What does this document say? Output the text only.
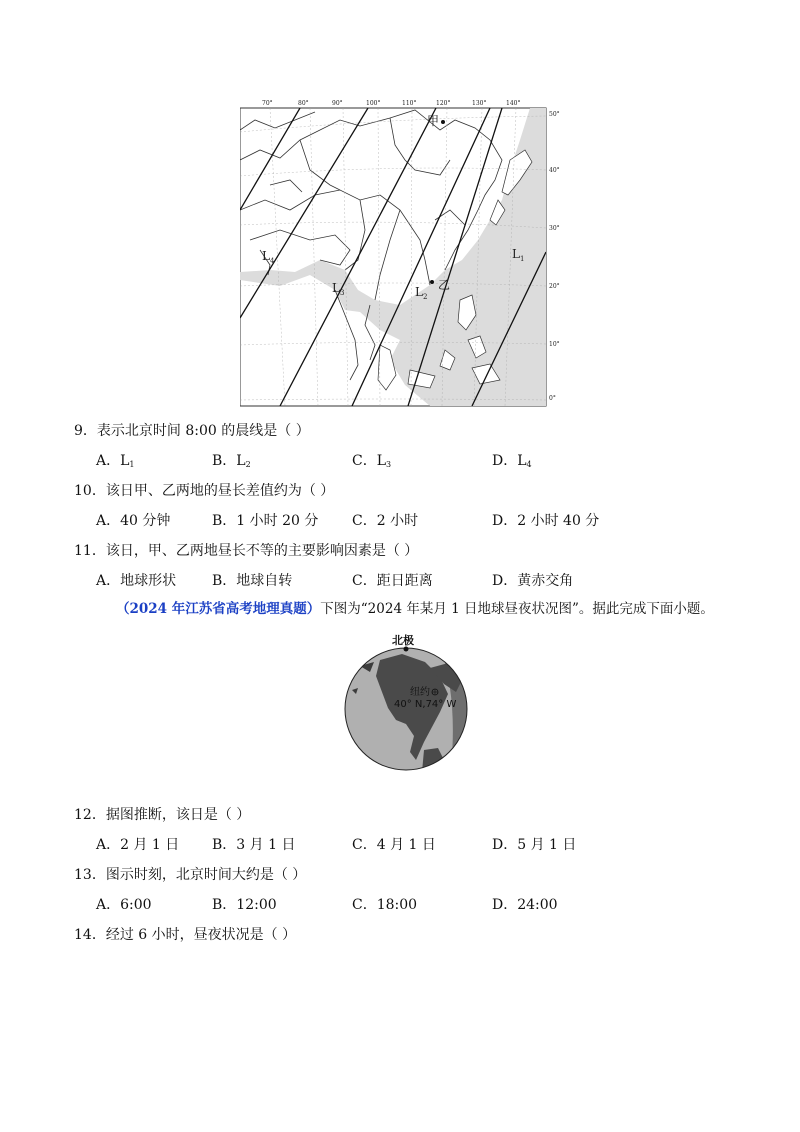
甲
乙
$L_4$
$L_3$	$L_2$
$L_1$
70°	80°	90°	100°	110°	120°	130°	140°
50°
40°
30°
20°
10°
0°
9．表示北京时间 8:00 的晨线是（ ）
A．$L_1$	B．$L_2$	C．$L_3$	D．$L_4$
10．该日甲、乙两地的昼长差值约为（ ）
A．40 分钟	B．1 小时 20 分 C．2 小时	D．2 小时 40 分
11．该日，甲、乙两地昼长不等的主要影响因素是（ ）
A．地球形状	B．地球自转	C．距日距离	D．黄赤交角
（2024 年江苏省高考地理真题）下图为“2024 年某月 1 日地球昼夜状况图”。据此完成下面小题。
北极
纽约
40° N,74° W
12．据图推断，该日是（ ）
A．2 月 1 日 B．3 月 1 日	C．4 月 1 日	D．5 月 1 日
13．图示时刻，北京时间大约是（ ）
A．6:00	B．12:00	C．18:00	D．24:00
14．经过 6 小时，昼夜状况是（ ）
